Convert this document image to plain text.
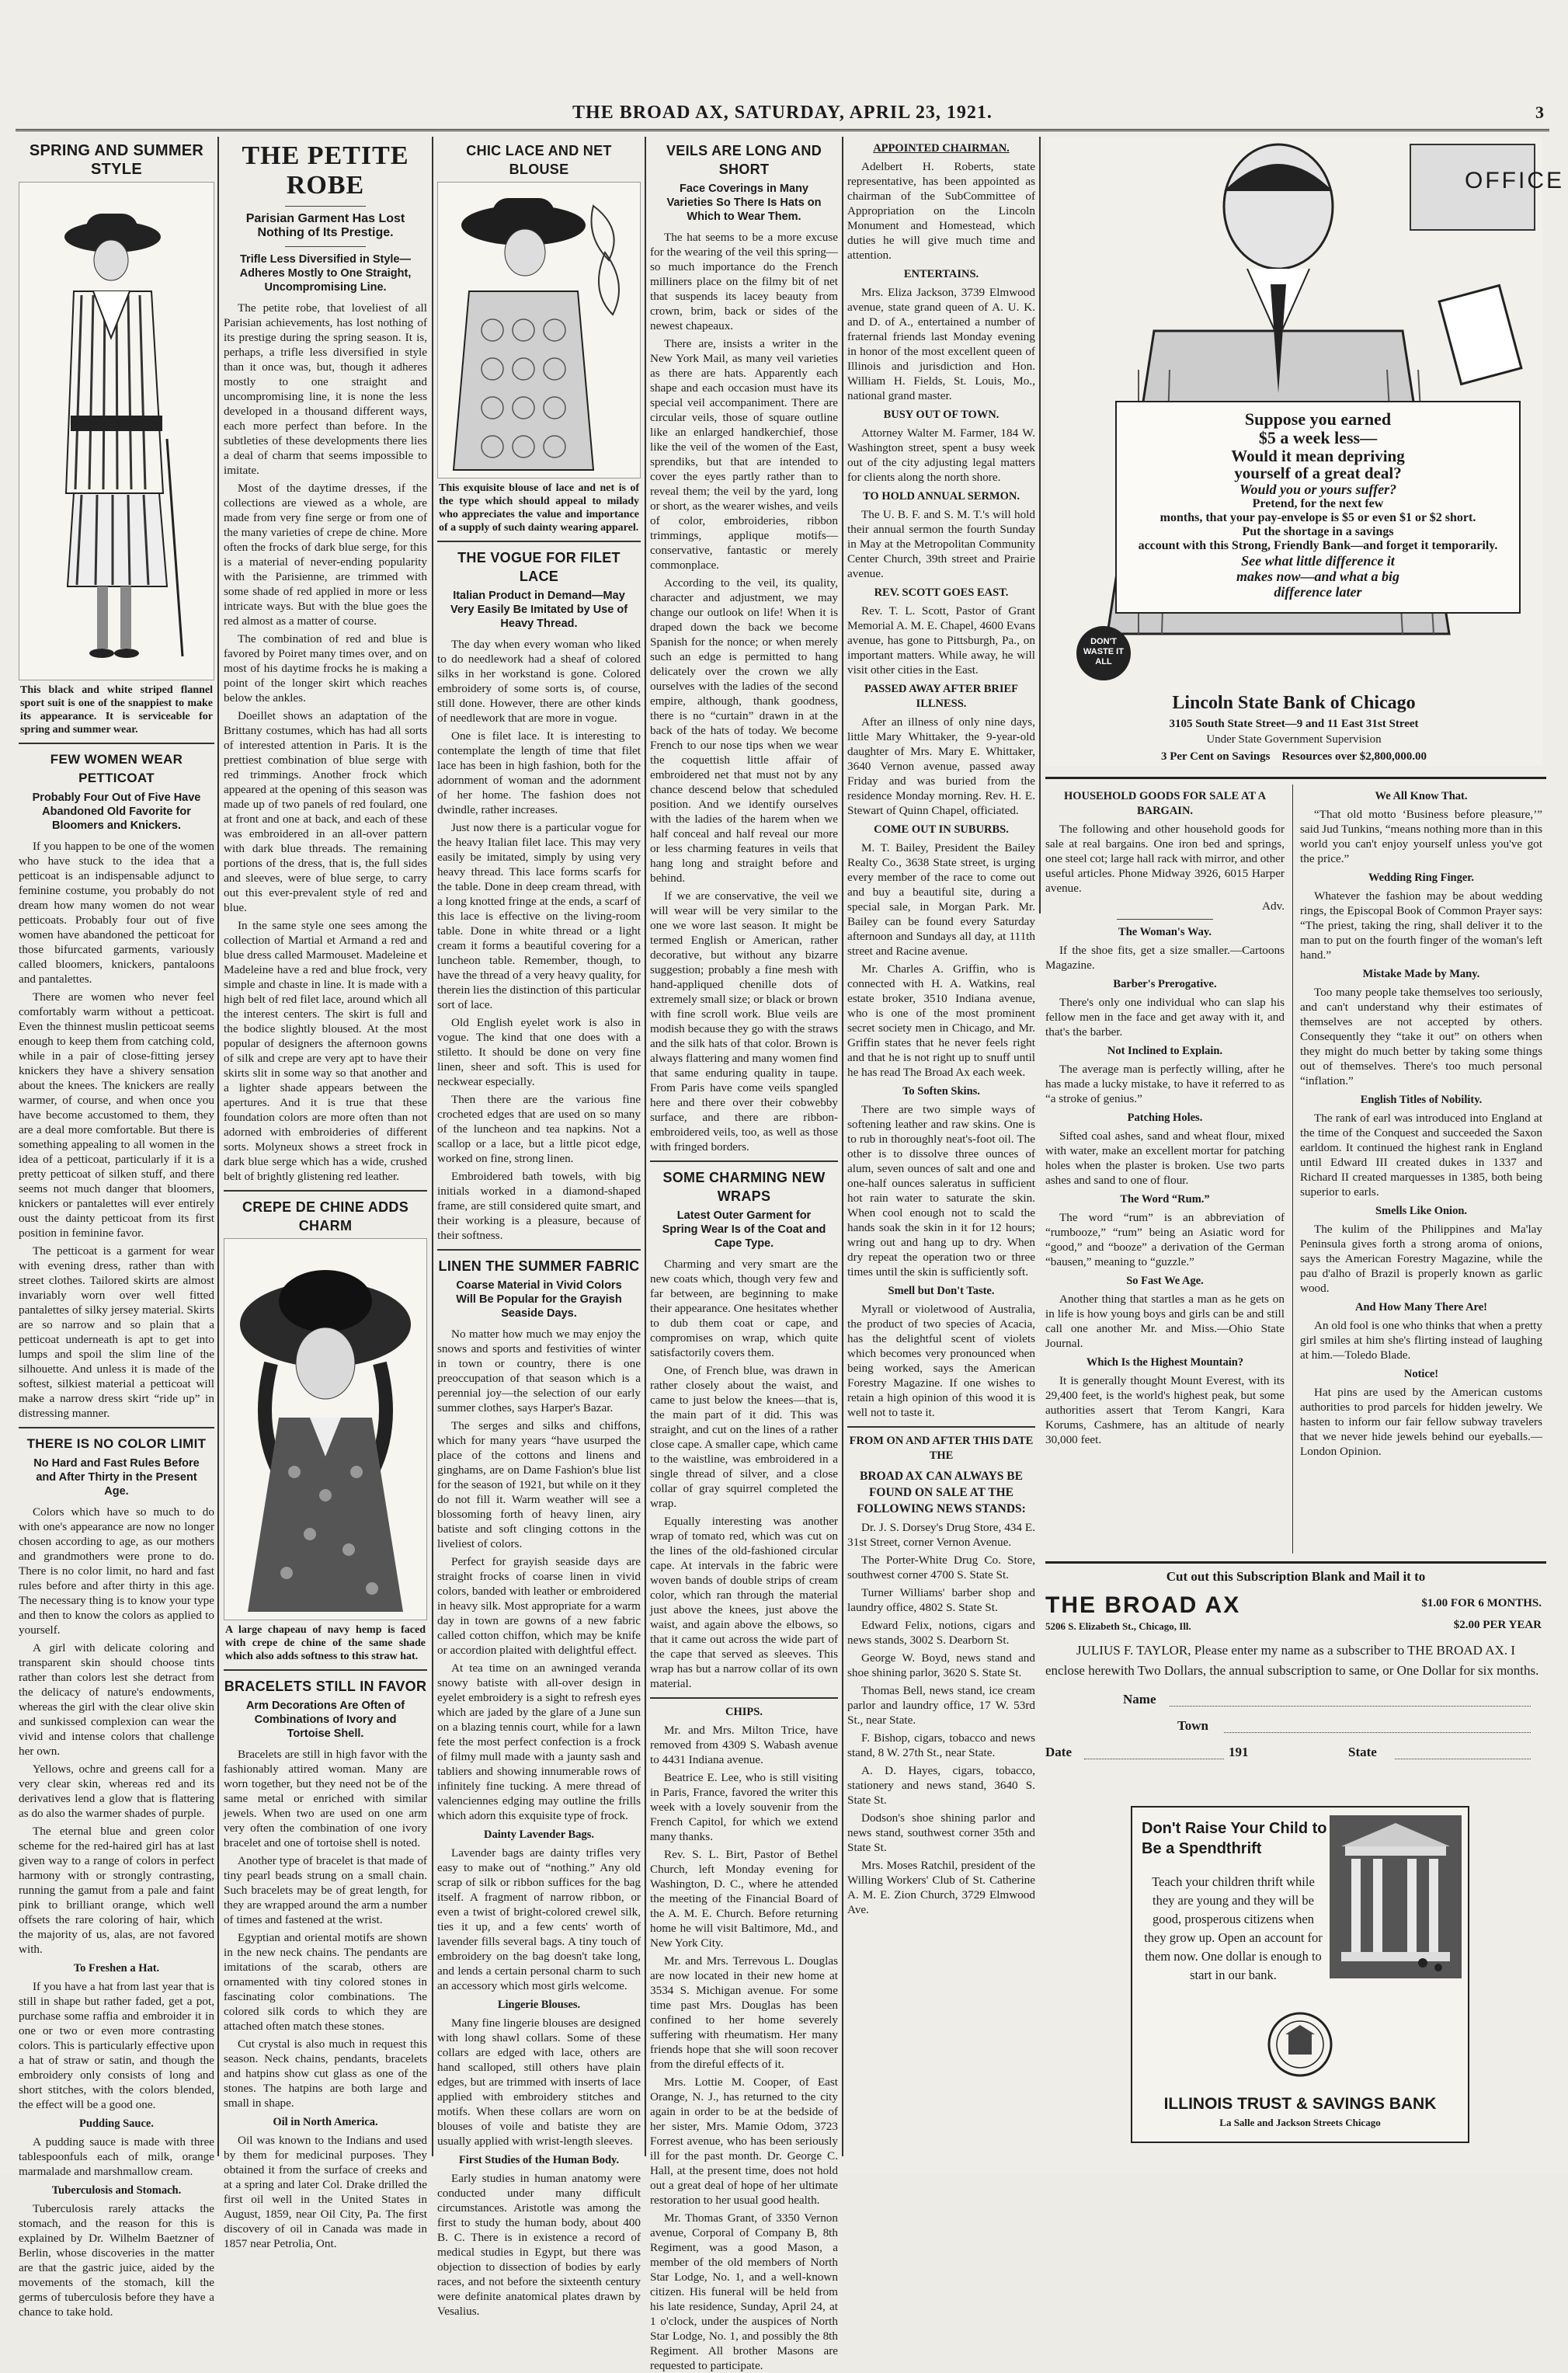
THE BROAD AX, SATURDAY, APRIL 23, 1921.	3
SPRING AND SUMMER STYLE

This black and white striped flannel sport suit is one of the snappiest to make its appearance. It is serviceable for spring and summer wear.

FEW WOMEN WEAR PETTICOAT
Probably Four Out of Five Have Abandoned Old Favorite for Bloomers and Knickers.

If you happen to be one of the women who have stuck to the idea that a petticoat is an indispensable adjunct to feminine costume, you probably do not dream how many women do not wear petticoats. Probably four out of five women have abandoned the petticoat for those bifurcated garments, variously called bloomers, knickers, pantaloons and pantalettes.

There are women who never feel comfortably warm without a petticoat. Even the thinnest muslin petticoat seems enough to keep them from catching cold, while in a pair of close-fitting jersey knickers they have a shivery sensation about the knees. The knickers are really warmer, of course, and when once you have become accustomed to them, they are a deal more comfortable. But there is something appealing to all women in the idea of a petticoat, particularly if it is a pretty petticoat of silken stuff, and there seems not much danger that bloomers, knickers or pantalettes will ever entirely oust the dainty petticoat from its first position in feminine favor.

The petticoat is a garment for wear with evening dress, rather than with street clothes. Tailored skirts are almost invariably worn over well fitted pantalettes of silky jersey material. Skirts are so narrow and so plain that a petticoat underneath is apt to get into lumps and spoil the slim line of the silhouette. And unless it is made of the softest, silkiest material a petticoat will make a narrow dress skirt “ride up” in distressing manner.

THERE IS NO COLOR LIMIT
No Hard and Fast Rules Before and After Thirty in the Present Age.

Colors which have so much to do with one's appearance are now no longer chosen according to age, as our mothers and grandmothers were prone to do. There is no color limit, no hard and fast rules before and after thirty in this age. The necessary thing is to know your type and then to know the colors as applied to yourself.

A girl with delicate coloring and transparent skin should choose tints rather than colors lest she detract from the delicacy of nature's endowments, whereas the girl with the clear olive skin and sunkissed complexion can wear the vivid and intense colors that challenge her own.

Yellows, ochre and greens call for a very clear skin, whereas red and its derivatives lend a glow that is flattering as do also the warmer shades of purple.

The eternal blue and green color scheme for the red-haired girl has at last given way to a range of colors in perfect harmony with or strongly contrasting, running the gamut from a pale and faint pink to brilliant orange, which well offsets the rare coloring of hair, which the majority of us, alas, are not favored with.

To Freshen a Hat.

If you have a hat from last year that is still in shape but rather faded, get a pot, purchase some raffia and embroider it in one or two or even more contrasting colors. This is particularly effective upon a hat of straw or satin, and though the embroidery only consists of long and short stitches, with the colors blended, the effect will be a good one.

Pudding Sauce.

A pudding sauce is made with three tablespoonfuls each of milk, orange marmalade and marshmallow cream.

Tuberculosis and Stomach.

Tuberculosis rarely attacks the stomach, and the reason for this is explained by Dr. Wilhelm Baetzner of Berlin, whose discoveries in the matter are that the gastric juice, aided by the movements of the stomach, kill the germs of tuberculosis before they have a chance to take hold.

THE PETITE ROBE
Parisian Garment Has Lost Nothing of Its Prestige.
Trifle Less Diversified in Style—Adheres Mostly to One Straight, Uncompromising Line.

The petite robe, that loveliest of all Parisian achievements, has lost nothing of its prestige during the spring season. It is, perhaps, a trifle less diversified in style than it once was, but, though it adheres mostly to one straight and uncompromising line, it is none the less developed in a thousand different ways, each more perfect than before. In the subtleties of these developments there lies a deal of charm that seems impossible to imitate.

Most of the daytime dresses, if the collections are viewed as a whole, are made from very fine serge or from one of the many varieties of crepe de chine. More often the frocks of dark blue serge, for this is a material of never-ending popularity with the Parisienne, are trimmed with some shade of red applied in more or less intricate ways. But with the blue goes the red almost as a matter of course.

The combination of red and blue is favored by Poiret many times over, and on most of his daytime frocks he is making a point of the longer skirt which reaches below the ankles.

Doeillet shows an adaptation of the Brittany costumes, which has had all sorts of interested attention in Paris. It is the prettiest combination of blue serge with red trimmings. Another frock which appeared at the opening of this season was made up of two panels of red foulard, one at front and one at back, and each of these was embroidered in an all-over pattern with dark blue threads. The remaining portions of the dress, that is, the full sides and sleeves, were of blue serge, to carry out this ever-prevalent style of red and blue.

In the same style one sees among the collection of Martial et Armand a red and blue dress called Marmouset. Madeleine et Madeleine have a red and blue frock, very simple and chaste in line. It is made with a high belt of red filet lace, around which all the interest centers. The skirt is full and the bodice slightly bloused. At the most popular of designers the afternoon gowns of silk and crepe are very apt to have their skirts slit in some way so that another and a lighter shade appears between the apertures. And it is true that these foundation colors are more often than not adorned with embroideries of different sorts. Molyneux shows a street frock in dark blue serge which has a wide, crushed belt of brightly glistening red leather.

CREPE DE CHINE ADDS CHARM

A large chapeau of navy hemp is faced with crepe de chine of the same shade which also adds softness to this straw hat.

BRACELETS STILL IN FAVOR
Arm Decorations Are Often of Combinations of Ivory and Tortoise Shell.

Bracelets are still in high favor with the fashionably attired woman. Many are worn together, but they need not be of the same metal or enriched with similar jewels. When two are used on one arm very often the combination of one ivory bracelet and one of tortoise shell is noted.

Another type of bracelet is that made of tiny pearl beads strung on a small chain. Such bracelets may be of great length, for they are wrapped around the arm a number of times and fastened at the wrist.

Egyptian and oriental motifs are shown in the new neck chains. The pendants are imitations of the scarab, others are ornamented with tiny colored stones in fascinating color combinations. The colored silk cords to which they are attached often match these stones.

Cut crystal is also much in request this season. Neck chains, pendants, bracelets and hatpins show cut glass as one of the stones. The hatpins are both large and small in shape.

Oil in North America.

Oil was known to the Indians and used by them for medicinal purposes. They obtained it from the surface of creeks and at a spring and later Col. Drake drilled the first oil well in the United States in August, 1859, near Oil City, Pa. The first discovery of oil in Canada was made in 1857 near Petrolia, Ont.

CHIC LACE AND NET BLOUSE

This exquisite blouse of lace and net is of the type which should appeal to milady who appreciates the value and importance of a supply of such dainty wearing apparel.

THE VOGUE FOR FILET LACE
Italian Product in Demand—May Very Easily Be Imitated by Use of Heavy Thread.

The day when every woman who liked to do needlework had a sheaf of colored silks in her workstand is gone. Colored embroidery of some sorts is, of course, still done. However, there are other kinds of needlework that are more in vogue.

One is filet lace. It is interesting to contemplate the length of time that filet lace has been in high fashion, both for the adornment of woman and the adornment of her home. The fashion does not dwindle, rather increases.

Just now there is a particular vogue for the heavy Italian filet lace. This may very easily be imitated, simply by using very heavy thread. This lace forms scarfs for the table. Done in deep cream thread, with a long knotted fringe at the ends, a scarf of this lace is effective on the living-room table. Done in white thread or a light cream it forms a beautiful covering for a luncheon table. Remember, though, to have the thread of a very heavy quality, for therein lies the distinction of this particular sort of lace.

Old English eyelet work is also in vogue. The kind that one does with a stiletto. It should be done on very fine linen, sheer and soft. This is used for neckwear especially.

Then there are the various fine crocheted edges that are used on so many of the luncheon and tea napkins. Not a scallop or a lace, but a little picot edge, worked on fine, strong linen.

Embroidered bath towels, with big initials worked in a diamond-shaped frame, are still considered quite smart, and their working is a pleasure, because of their softness.

LINEN THE SUMMER FABRIC
Coarse Material in Vivid Colors Will Be Popular for the Grayish Seaside Days.

No matter how much we may enjoy the snows and sports and festivities of winter in town or country, there is one preoccupation of that season which is a perennial joy—the selection of our early summer clothes, says Harper's Bazar.

The serges and silks and chiffons, which for many years “have usurped the place of the cottons and linens and ginghams, are on Dame Fashion's blue list for the season of 1921, but while on it they do not fill it. Warm weather will see a blossoming forth of heavy linen, airy batiste and soft clinging cottons in the liveliest of colors.

Perfect for grayish seaside days are straight frocks of coarse linen in vivid colors, banded with leather or embroidered in heavy silk. Most appropriate for a warm day in town are gowns of a new fabric called cotton chiffon, which may be knife or accordion plaited with delightful effect.

At tea time on an awninged veranda snowy batiste with all-over design in eyelet embroidery is a sight to refresh eyes which are jaded by the glare of a June sun on a blazing tennis court, while for a lawn fete the most perfect confection is a frock of filmy mull made with a jaunty sash and tabliers and showing innumerable rows of infinitely fine tucking. A mere thread of valenciennes edging may outline the frills which adorn this exquisite type of frock.

Dainty Lavender Bags.

Lavender bags are dainty trifles very easy to make out of “nothing.” Any old scrap of silk or ribbon suffices for the bag itself. A fragment of narrow ribbon, or even a twist of bright-colored crewel silk, ties it up, and a few cents' worth of lavender fills several bags. A tiny touch of embroidery on the bag doesn't take long, and lends a certain personal charm to such an accessory which most girls welcome.

Lingerie Blouses.

Many fine lingerie blouses are designed with long shawl collars. Some of these collars are edged with lace, others are hand scalloped, still others have plain edges, but are trimmed with inserts of lace applied with embroidery stitches and motifs. When these collars are worn on blouses of voile and batiste they are usually applied with wrist-length sleeves.

First Studies of the Human Body.

Early studies in human anatomy were conducted under many difficult circumstances. Aristotle was among the first to study the human body, about 400 B. C. There is in existence a record of medical studies in Egypt, but there was objection to dissection of bodies by early races, and not before the sixteenth century were definite anatomical plates drawn by Vesalius.

VEILS ARE LONG AND SHORT
Face Coverings in Many Varieties So There Is Hats on Which to Wear Them.

The hat seems to be a more excuse for the wearing of the veil this spring—so much importance do the French milliners place on the filmy bit of net that suspends its lacey beauty from crown, brim, back or sides of the newest chapeaux.

There are, insists a writer in the New York Mail, as many veil varieties as there are hats. Apparently each shape and each occasion must have its special veil accompaniment. There are circular veils, those of square outline like an enlarged handkerchief, those like the veil of the women of the East, sprendiks, but that are intended to cover the eyes partly rather than to reveal them; the veil by the yard, long or short, as the wearer wishes, and veils of color, embroideries, ribbon trimmings, applique motifs—conservative, fantastic or merely commonplace.

According to the veil, its quality, character and adjustment, we may change our outlook on life! When it is draped down the back we become Spanish for the nonce; or when merely such an edge is permitted to hang delicately over the crown we ally ourselves with the ladies of the second empire, although, thank goodness, there is no “curtain” drawn in at the back of the hats of today. We become French to our nose tips when we wear the coquettish little affair of embroidered net that must not by any chance descend below that scheduled position. And we identify ourselves with the ladies of the harem when we half conceal and half reveal our more or less charming features in veils that hang long and straight before and behind.

If we are conservative, the veil we will wear will be very similar to the one we wore last season. It might be termed English or American, rather decorative, but without any bizarre suggestion; probably a fine mesh with hand-appliqued chenille dots of extremely small size; or black or brown with fine scroll work. Blue veils are modish because they go with the straws and the silk hats of that color. Brown is always flattering and many women find that same enduring quality in taupe. From Paris have come veils spangled here and there over their cobwebby surface, and there are ribbon-embroidered veils, too, as well as those with fringed borders.

SOME CHARMING NEW WRAPS
Latest Outer Garment for Spring Wear Is of the Coat and Cape Type.

Charming and very smart are the new coats which, though very few and far between, are beginning to make their appearance. One hesitates whether to dub them coat or cape, and compromises on wrap, which quite satisfactorily covers them.

One, of French blue, was drawn in rather closely about the waist, and came to just below the knees—that is, the main part of it did. This was straight, and cut on the lines of a rather close cape. A smaller cape, which came to the waistline, was embroidered in a single thread of silver, and a close collar of gray squirrel completed the wrap.

Equally interesting was another wrap of tomato red, which was cut on the lines of the old-fashioned circular cape. At intervals in the fabric were woven bands of double strips of cream color, which ran through the material just above the knees, just above the waist, and again above the elbows, so that it came out across the wide part of the cape that served as sleeves. This wrap has but a narrow collar of its own material.

CHIPS.

Mr. and Mrs. Milton Trice, have removed from 4309 S. Wabash avenue to 4431 Indiana avenue.

Beatrice E. Lee, who is still visiting in Paris, France, favored the writer this week with a lovely souvenir from the French Capitol, for which we extend many thanks.

Rev. S. L. Birt, Pastor of Bethel Church, left Monday evening for Washington, D. C., where he attended the meeting of the Financial Board of the A. M. E. Church. Before returning home he will visit Baltimore, Md., and New York City.

Mr. and Mrs. Terrevous L. Douglas are now located in their new home at 3534 S. Michigan avenue. For some time past Mrs. Douglas has been confined to her home severely suffering with rheumatism. Her many friends hope that she will soon recover from the direful effects of it.

Mrs. Lottie M. Cooper, of East Orange, N. J., has returned to the city again in order to be at the bedside of her sister, Mrs. Mamie Odom, 3723 Forrest avenue, who has been seriously ill for the past month. Dr. George C. Hall, at the present time, does not hold out a great deal of hope of her ultimate restoration to her usual good health.

Mr. Thomas Grant, of 3350 Vernon avenue, Corporal of Company B, 8th Regiment, was a good Mason, a member of the old members of North Star Lodge, No. 1, and a well-known citizen. His funeral will be held from his late residence, Sunday, April 24, at 1 o'clock, under the auspices of North Star Lodge, No. 1, and possibly the 8th Regiment. All brother Masons are requested to participate.

APPOINTED CHAIRMAN.

Adelbert H. Roberts, state representative, has been appointed as chairman of the SubCommittee of Appropriation on the Lincoln Monument and Homestead, which duties he will give much time and attention.

ENTERTAINS.

Mrs. Eliza Jackson, 3739 Elmwood avenue, state grand queen of A. U. K. and D. of A., entertained a number of fraternal friends last Monday evening in honor of the most excellent queen of Illinois and jurisdiction and Hon. William H. Fields, St. Louis, Mo., national grand master.

BUSY OUT OF TOWN.

Attorney Walter M. Farmer, 184 W. Washington street, spent a busy week out of the city adjusting legal matters for clients along the north shore.

TO HOLD ANNUAL SERMON.

The U. B. F. and S. M. T.'s will hold their annual sermon the fourth Sunday in May at the Metropolitan Community Center Church, 39th street and Prairie avenue.

REV. SCOTT GOES EAST.

Rev. T. L. Scott, Pastor of Grant Memorial A. M. E. Chapel, 4600 Evans avenue, has gone to Pittsburgh, Pa., on important matters. While away, he will visit other cities in the East.

PASSED AWAY AFTER BRIEF ILLNESS.

After an illness of only nine days, little Mary Whittaker, the 9-year-old daughter of Mrs. Mary E. Whittaker, 3640 Vernon avenue, passed away Friday and was buried from the residence Monday morning. Rev. H. E. Stewart of Quinn Chapel, officiated.

COME OUT IN SUBURBS.

M. T. Bailey, President the Bailey Realty Co., 3638 State street, is urging every member of the race to come out and buy a beautiful site, during a special sale, in Morgan Park. Mr. Bailey can be found every Saturday afternoon and Sundays all day, at 111th street and Racine avenue.

Mr. Charles A. Griffin, who is connected with H. A. Watkins, real estate broker, 3510 Indiana avenue, who is one of the most prominent secret society men in Chicago, and Mr. Griffin states that he never feels right and that he is not right up to snuff until he has read The Broad Ax each week.

To Soften Skins.

There are two simple ways of softening leather and raw skins. One is to rub in thoroughly neat's-foot oil. The other is to dissolve three ounces of alum, seven ounces of salt and one and one-half ounces saleratus in sufficient hot rain water to saturate the skin. When cool enough not to scald the hands soak the skin in it for 12 hours; wring out and hang up to dry. When dry repeat the operation two or three times until the skin is sufficiently soft.

Smell but Don't Taste.

Myrall or violetwood of Australia, the product of two species of Acacia, has the delightful scent of violets which becomes very pronounced when being worked, says the American Forestry Magazine. If one wishes to retain a high opinion of this wood it is well not to taste it.

FROM ON AND AFTER THIS DATE THE
BROAD AX CAN ALWAYS BE FOUND ON SALE AT THE FOLLOWING NEWS STANDS:

Dr. J. S. Dorsey's Drug Store, 434 E. 31st Street, corner Vernon Avenue.

The Porter-White Drug Co. Store, southwest corner 4700 S. State St.

Turner Williams' barber shop and laundry office, 4802 S. State St.

Edward Felix, notions, cigars and news stands, 3002 S. Dearborn St.

George W. Boyd, news stand and shoe shining parlor, 3620 S. State St.

Thomas Bell, news stand, ice cream parlor and laundry office, 17 W. 53rd St., near State.

F. Bishop, cigars, tobacco and news stand, 8 W. 27th St., near State.

A. D. Hayes, cigars, tobacco, stationery and news stand, 3640 S. State St.

Dodson's shoe shining parlor and news stand, southwest corner 35th and State St.

Mrs. Moses Ratchil, president of the Willing Workers' Club of St. Catherine A. M. E. Zion Church, 3729 Elmwood Ave.

OFFICE
Suppose you earned
$5 a week less—
Would it mean depriving
yourself of a great deal?
Would you or yours suffer?
Pretend, for the next few
months, that your pay-envelope is $5 or even $1 or $2 short.
Put the shortage in a savings
account with this Strong, Friendly Bank—and forget it temporarily.
See what little difference it
makes now—and what a big
difference later
DON'T WASTE IT ALL
Lincoln State Bank of Chicago
3105 South State Street—9 and 11 East 31st Street
Under State Government Supervision
3 Per Cent on Savings Resources over $2,800,000.00
HOUSEHOLD GOODS FOR SALE AT A BARGAIN.

The following and other household goods for sale at real bargains. One iron bed and springs, one steel cot; large hall rack with mirror, and other useful articles. Phone Midway 3926, 6015 Harper avenue.

Adv.

The Woman's Way.

If the shoe fits, get a size smaller.—Cartoons Magazine.

Barber's Prerogative.

There's only one individual who can slap his fellow men in the face and get away with it, and that's the barber.

Not Inclined to Explain.

The average man is perfectly willing, after he has made a lucky mistake, to have it referred to as “a stroke of genius.”

Patching Holes.

Sifted coal ashes, sand and wheat flour, mixed with water, make an excellent mortar for patching holes when the plaster is broken. Use two parts ashes and sand to one of flour.

The Word “Rum.”

The word “rum” is an abbreviation of “rumbooze,” “rum” being an Asiatic word for “good,” and “booze” a derivation of the German “bausen,” meaning to “guzzle.”

So Fast We Age.

Another thing that startles a man as he gets on in life is how young boys and girls can be and still call one another Mr. and Miss.—Ohio State Journal.

Which Is the Highest Mountain?

It is generally thought Mount Everest, with its 29,400 feet, is the world's highest peak, but some authorities assert that Terom Kangri, Kara Korums, Cashmere, has an altitude of nearly 30,000 feet.

We All Know That.

“That old motto ‘Business before pleasure,’” said Jud Tunkins, “means nothing more than in this world you can't enjoy yourself unless you've got the price.”

Wedding Ring Finger.

Whatever the fashion may be about wedding rings, the Episcopal Book of Common Prayer says: “The priest, taking the ring, shall deliver it to the man to put on the fourth finger of the woman's left hand.”

Mistake Made by Many.

Too many people take themselves too seriously, and can't understand why their estimates of themselves are not accepted by others. Consequently they “take it out” on others when they might do much better by taking some things out of themselves. There's too much personal “inflation.”

English Titles of Nobility.

The rank of earl was introduced into England at the time of the Conquest and succeeded the Saxon earldom. It continued the highest rank in England until Edward III created dukes in 1337 and Richard II created marquesses in 1385, both being superior to earls.

Smells Like Onion.

The kulim of the Philippines and Ma'lay Peninsula gives forth a strong aroma of onions, says the American Forestry Magazine, while the pau d'alho of Brazil is properly known as garlic wood.

And How Many There Are!

An old fool is one who thinks that when a pretty girl smiles at him she's flirting instead of laughing at him.—Toledo Blade.

Notice!

Hat pins are used by the American customs authorities to prod parcels for hidden jewelry. We hasten to inform our fair fellow subway travelers that we never hide jewels behind our eyeballs.—London Opinion.

Cut out this Subscription Blank and Mail it to
THE BROAD AX
5206 S. Elizabeth St., Chicago, Ill.
$1.00 FOR 6 MONTHS.
$2.00 PER YEAR
JULIUS F. TAYLOR, Please enter my name as a subscriber to THE BROAD AX. I enclose herewith Two Dollars, the annual subscription to same, or One Dollar for six months.
Name
Town
Date	191	State
Don't Raise Your Child to Be a Spendthrift
Teach your children thrift while they are young and they will be good, prosperous citizens when they grow up. Open an account for them now. One dollar is enough to start in our bank.
ILLINOIS TRUST & SAVINGS BANK
La Salle and Jackson Streets Chicago
